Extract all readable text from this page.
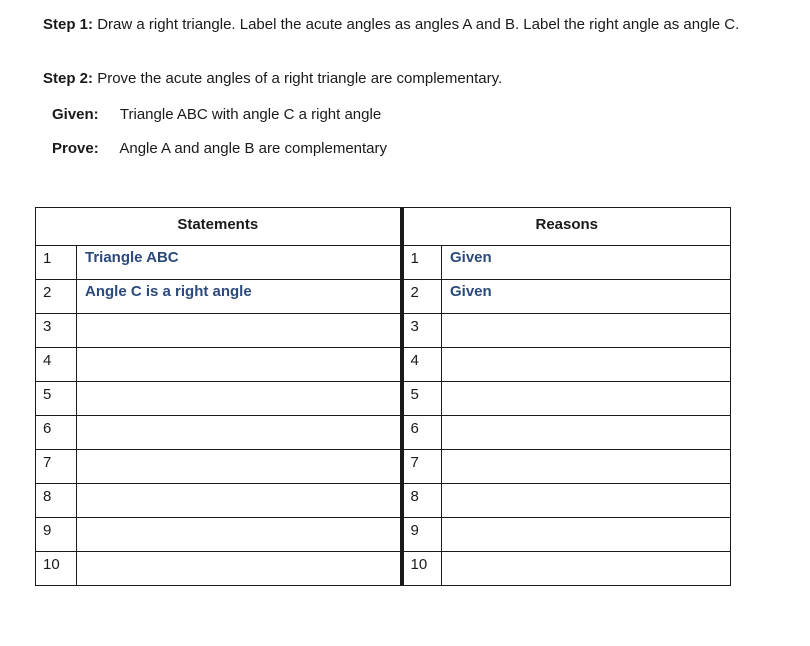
Step 1: Draw a right triangle. Label the acute angles as angles A and B. Label the right angle as angle C.
Step 2: Prove the acute angles of a right triangle are complementary.
Given: Triangle ABC with angle C a right angle
Prove: Angle A and angle B are complementary
Statements		Reasons	
1	Triangle ABC	1	Given
2	Angle C is a right angle	2	Given
3		3	
4		4	
5		5	
6		6	
7		7	
8		8	
9		9	
10		10	
